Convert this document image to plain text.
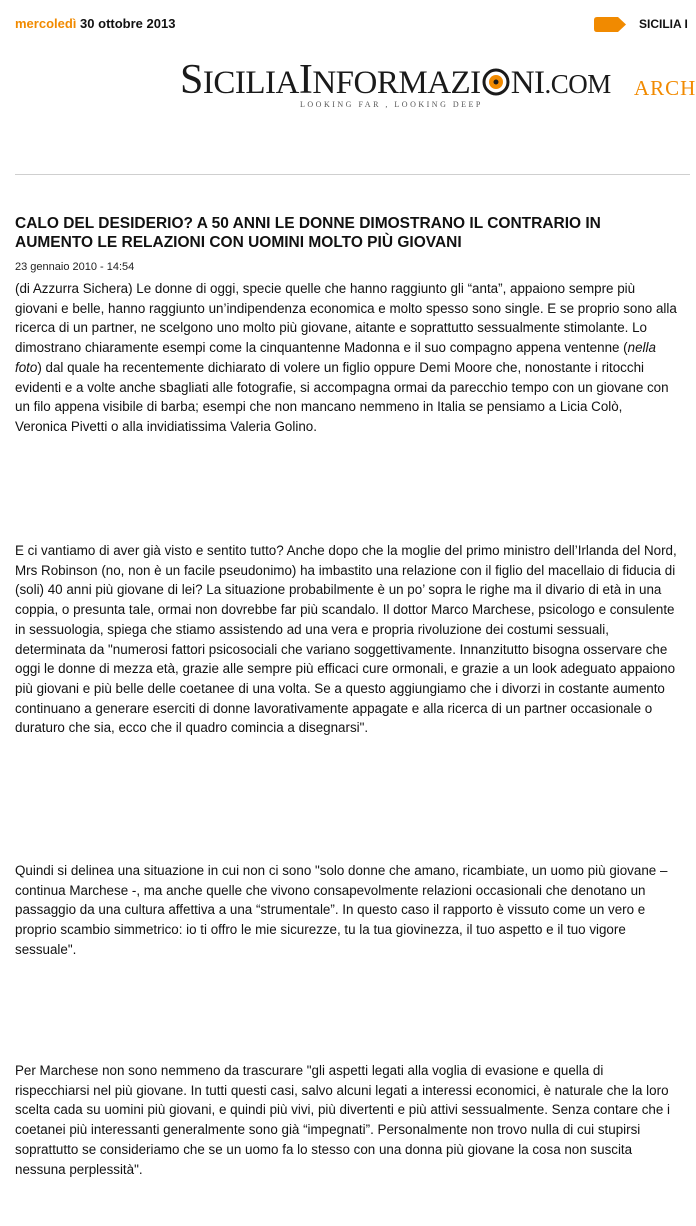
mercoledì 30 ottobre 2013	SICILIA I
SICILIAINFORMAZI NI.COM ARCH
LOOKING FAR , LOOKING DEEP
CALO DEL DESIDERIO? A 50 ANNI LE DONNE DIMOSTRANO IL CONTRARIO IN AUMENTO LE RELAZIONI CON UOMINI MOLTO PIÙ GIOVANI
23 gennaio 2010 - 14:54

(di Azzurra Sichera) Le donne di oggi, specie quelle che hanno raggiunto gli “anta”, appaiono sempre più giovani e belle, hanno raggiunto un’indipendenza economica e molto spesso sono single. E se proprio sono alla ricerca di un partner, ne scelgono uno molto più giovane, aitante e soprattutto sessualmente stimolante. Lo dimostrano chiaramente esempi come la cinquantenne Madonna e il suo compagno appena ventenne (nella foto) dal quale ha recentemente dichiarato di volere un figlio oppure Demi Moore che, nonostante i ritocchi evidenti e a volte anche sbagliati alle fotografie, si accompagna ormai da parecchio tempo con un giovane con un filo appena visibile di barba; esempi che non mancano nemmeno in Italia se pensiamo a Licia Colò, Veronica Pivetti o alla invidiatissima Valeria Golino.

E ci vantiamo di aver già visto e sentito tutto? Anche dopo che la moglie del primo ministro dell’Irlanda del Nord, Mrs Robinson (no, non è un facile pseudonimo) ha imbastito una relazione con il figlio del macellaio di fiducia di (soli) 40 anni più giovane di lei? La situazione probabilmente è un po’ sopra le righe ma il divario di età in una coppia, o presunta tale, ormai non dovrebbe far più scandalo. Il dottor Marco Marchese, psicologo e consulente in sessuologia, spiega che stiamo assistendo ad una vera e propria rivoluzione dei costumi sessuali, determinata da "numerosi fattori psicosociali che variano soggettivamente. Innanzitutto bisogna osservare che oggi le donne di mezza età, grazie alle sempre più efficaci cure ormonali, e grazie a un look adeguato appaiono più giovani e più belle delle coetanee di una volta. Se a questo aggiungiamo che i divorzi in costante aumento continuano a generare eserciti di donne lavorativamente appagate e alla ricerca di un partner occasionale o duraturo che sia, ecco che il quadro comincia a disegnarsi".

Quindi si delinea una situazione in cui non ci sono "solo donne che amano, ricambiate, un uomo più giovane – continua Marchese -, ma anche quelle che vivono consapevolmente relazioni occasionali che denotano un passaggio da una cultura affettiva a una “strumentale”. In questo caso il rapporto è vissuto come un vero e proprio scambio simmetrico: io ti offro le mie sicurezze, tu la tua giovinezza, il tuo aspetto e il tuo vigore sessuale".

Per Marchese non sono nemmeno da trascurare "gli aspetti legati alla voglia di evasione e quella di rispecchiarsi nel più giovane. In tutti questi casi, salvo alcuni legati a interessi economici, è naturale che la loro scelta cada su uomini più giovani, e quindi più vivi, più divertenti e più attivi sessualmente. Senza contare che i coetanei più interessanti generalmente sono già “impegnati”. Personalmente non trovo nulla di cui stupirsi soprattutto se consideriamo che se un uomo fa lo stesso con una donna più giovane la cosa non suscita nessuna perplessità".
